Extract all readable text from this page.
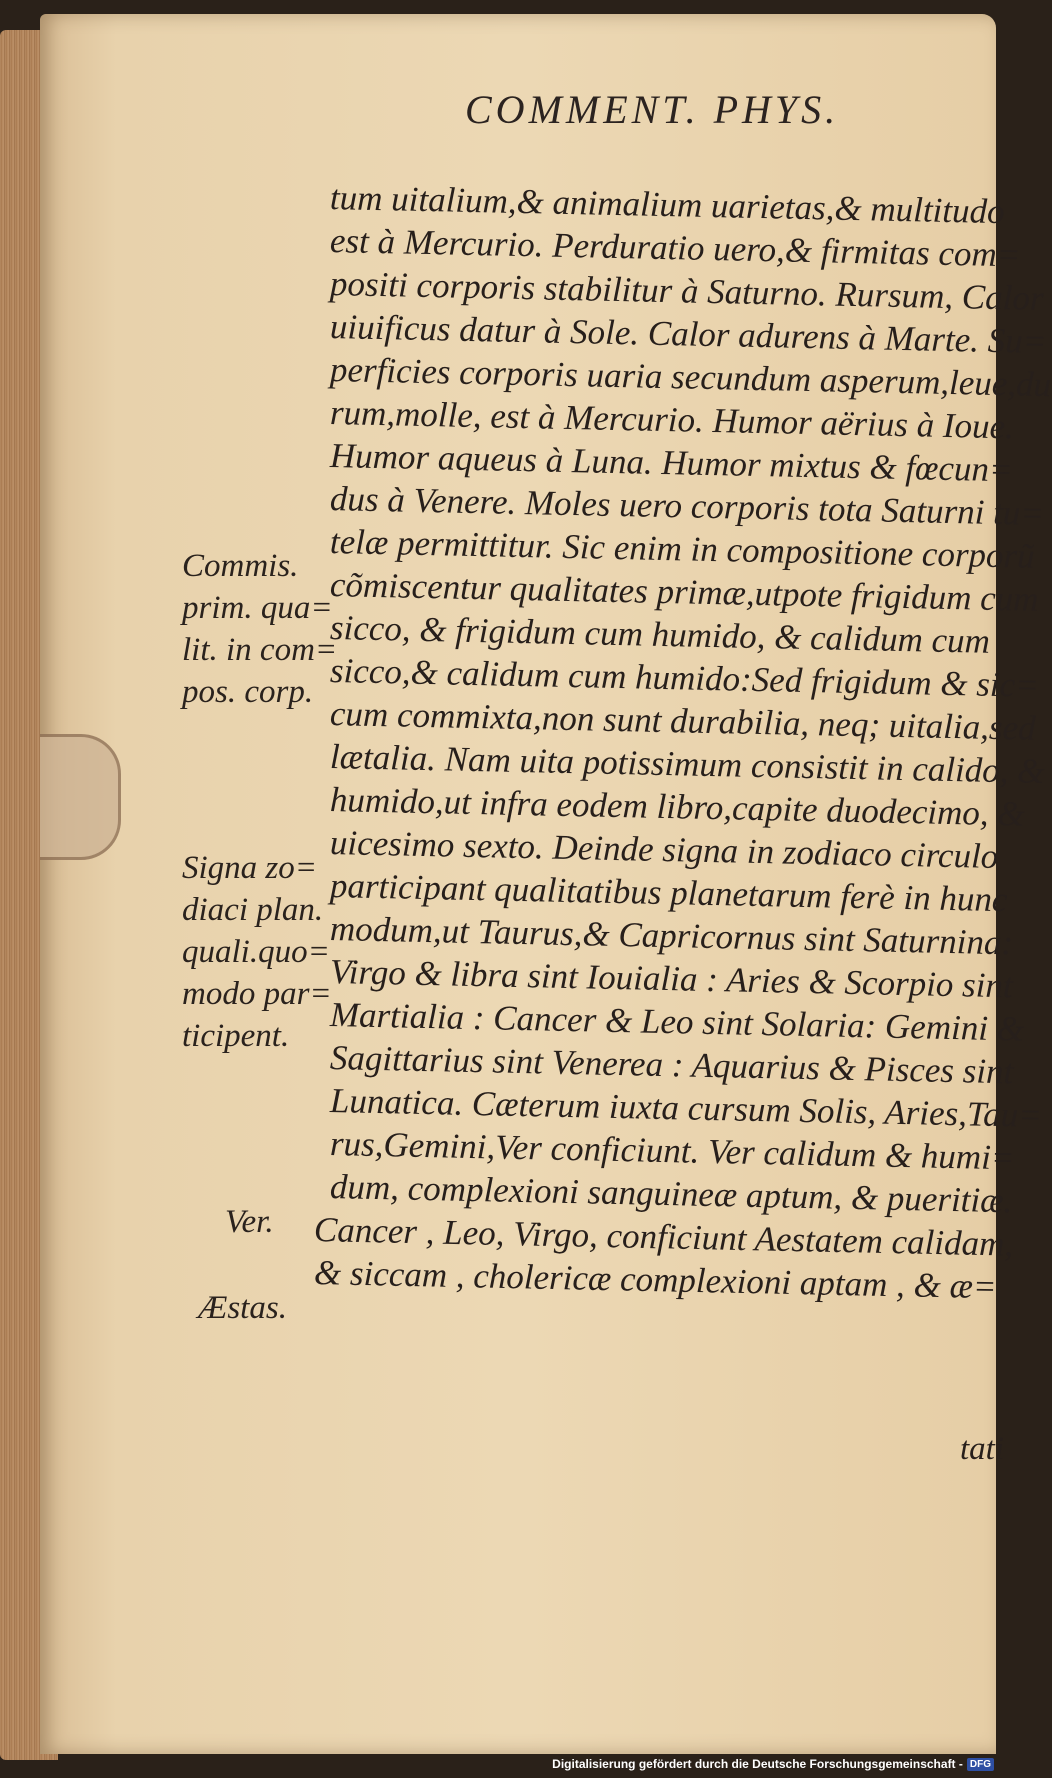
COMMENT. PHYS.
tum uitalium,& animalium uarietas,& multitudo
est à Mercurio. Perduratio uero,& firmitas com=
positi corporis stabilitur à Saturno. Rursum, Calor
uiuificus datur à Sole. Calor adurens à Marte. Su=
perficies corporis uaria secundum asperum,leue,du
rum,molle, est à Mercurio. Humor aërius à Ioue.
Humor aqueus à Luna. Humor mixtus & fœcun=
dus à Venere. Moles uero corporis tota Saturni tu=
telæ permittitur. Sic enim in compositione corporũ
cõmiscentur qualitates primæ,utpote frigidum cum
sicco, & frigidum cum humido, & calidum cum
sicco,& calidum cum humido:Sed frigidum & sic=
cum commixta,non sunt durabilia, neq; uitalia,sed
lætalia. Nam uita potissimum consistit in calido, &
humido,ut infra eodem libro,capite duodecimo, &
uicesimo sexto. Deinde signa in zodiaco circulo
participant qualitatibus planetarum ferè in hunc
modum,ut Taurus,& Capricornus sint Saturnina:
Virgo & libra sint Iouialia : Aries & Scorpio sint
Martialia : Cancer & Leo sint Solaria: Gemini &
Sagittarius sint Venerea : Aquarius & Pisces sint
Lunatica. Cæterum iuxta cursum Solis, Aries,Tau=
rus,Gemini,Ver conficiunt. Ver calidum & humi=
dum, complexioni sanguineæ aptum, & pueritiæ.
Cancer , Leo, Virgo, conficiunt Aestatem calidam,
& siccam , cholericæ complexioni aptam , & æ=
tati
Commis.
prim. qua=
lit. in com=
pos. corp.
Signa zo=
diaci plan.
quali.quo=
modo par=
ticipent.
Ver.
Æstas.
Digitalisierung gefördert durch die Deutsche Forschungsgemeinschaft - DFG
